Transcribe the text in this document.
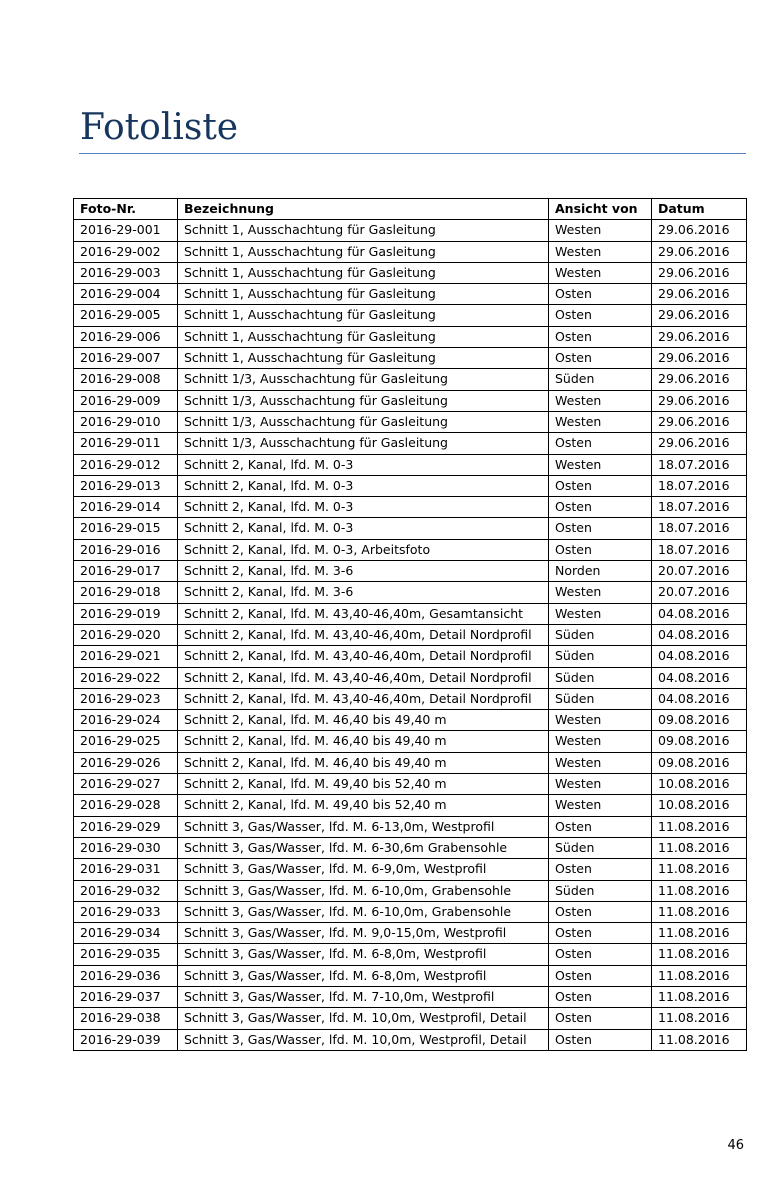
Fotoliste
Foto-Nr.	Bezeichnung	Ansicht von	Datum
2016-29-001	Schnitt 1, Ausschachtung für Gasleitung	Westen	29.06.2016
2016-29-002	Schnitt 1, Ausschachtung für Gasleitung	Westen	29.06.2016
2016-29-003	Schnitt 1, Ausschachtung für Gasleitung	Westen	29.06.2016
2016-29-004	Schnitt 1, Ausschachtung für Gasleitung	Osten	29.06.2016
2016-29-005	Schnitt 1, Ausschachtung für Gasleitung	Osten	29.06.2016
2016-29-006	Schnitt 1, Ausschachtung für Gasleitung	Osten	29.06.2016
2016-29-007	Schnitt 1, Ausschachtung für Gasleitung	Osten	29.06.2016
2016-29-008	Schnitt 1/3, Ausschachtung für Gasleitung	Süden	29.06.2016
2016-29-009	Schnitt 1/3, Ausschachtung für Gasleitung	Westen	29.06.2016
2016-29-010	Schnitt 1/3, Ausschachtung für Gasleitung	Westen	29.06.2016
2016-29-011	Schnitt 1/3, Ausschachtung für Gasleitung	Osten	29.06.2016
2016-29-012	Schnitt 2, Kanal, lfd. M. 0-3	Westen	18.07.2016
2016-29-013	Schnitt 2, Kanal, lfd. M. 0-3	Osten	18.07.2016
2016-29-014	Schnitt 2, Kanal, lfd. M. 0-3	Osten	18.07.2016
2016-29-015	Schnitt 2, Kanal, lfd. M. 0-3	Osten	18.07.2016
2016-29-016	Schnitt 2, Kanal, lfd. M. 0-3, Arbeitsfoto	Osten	18.07.2016
2016-29-017	Schnitt 2, Kanal, lfd. M. 3-6	Norden	20.07.2016
2016-29-018	Schnitt 2, Kanal, lfd. M. 3-6	Westen	20.07.2016
2016-29-019	Schnitt 2, Kanal, lfd. M. 43,40-46,40m, Gesamtansicht	Westen	04.08.2016
2016-29-020	Schnitt 2, Kanal, lfd. M. 43,40-46,40m, Detail Nordprofil	Süden	04.08.2016
2016-29-021	Schnitt 2, Kanal, lfd. M. 43,40-46,40m, Detail Nordprofil	Süden	04.08.2016
2016-29-022	Schnitt 2, Kanal, lfd. M. 43,40-46,40m, Detail Nordprofil	Süden	04.08.2016
2016-29-023	Schnitt 2, Kanal, lfd. M. 43,40-46,40m, Detail Nordprofil	Süden	04.08.2016
2016-29-024	Schnitt 2, Kanal, lfd. M. 46,40 bis 49,40 m	Westen	09.08.2016
2016-29-025	Schnitt 2, Kanal, lfd. M. 46,40 bis 49,40 m	Westen	09.08.2016
2016-29-026	Schnitt 2, Kanal, lfd. M. 46,40 bis 49,40 m	Westen	09.08.2016
2016-29-027	Schnitt 2, Kanal, lfd. M. 49,40 bis 52,40 m	Westen	10.08.2016
2016-29-028	Schnitt 2, Kanal, lfd. M. 49,40 bis 52,40 m	Westen	10.08.2016
2016-29-029	Schnitt 3, Gas/Wasser, lfd. M. 6-13,0m, Westprofil	Osten	11.08.2016
2016-29-030	Schnitt 3, Gas/Wasser, lfd. M. 6-30,6m Grabensohle	Süden	11.08.2016
2016-29-031	Schnitt 3, Gas/Wasser, lfd. M. 6-9,0m, Westprofil	Osten	11.08.2016
2016-29-032	Schnitt 3, Gas/Wasser, lfd. M. 6-10,0m, Grabensohle	Süden	11.08.2016
2016-29-033	Schnitt 3, Gas/Wasser, lfd. M. 6-10,0m, Grabensohle	Osten	11.08.2016
2016-29-034	Schnitt 3, Gas/Wasser, lfd. M. 9,0-15,0m, Westprofil	Osten	11.08.2016
2016-29-035	Schnitt 3, Gas/Wasser, lfd. M. 6-8,0m, Westprofil	Osten	11.08.2016
2016-29-036	Schnitt 3, Gas/Wasser, lfd. M. 6-8,0m, Westprofil	Osten	11.08.2016
2016-29-037	Schnitt 3, Gas/Wasser, lfd. M. 7-10,0m, Westprofil	Osten	11.08.2016
2016-29-038	Schnitt 3, Gas/Wasser, lfd. M. 10,0m, Westprofil, Detail	Osten	11.08.2016
2016-29-039	Schnitt 3, Gas/Wasser, lfd. M. 10,0m, Westprofil, Detail	Osten	11.08.2016
46
